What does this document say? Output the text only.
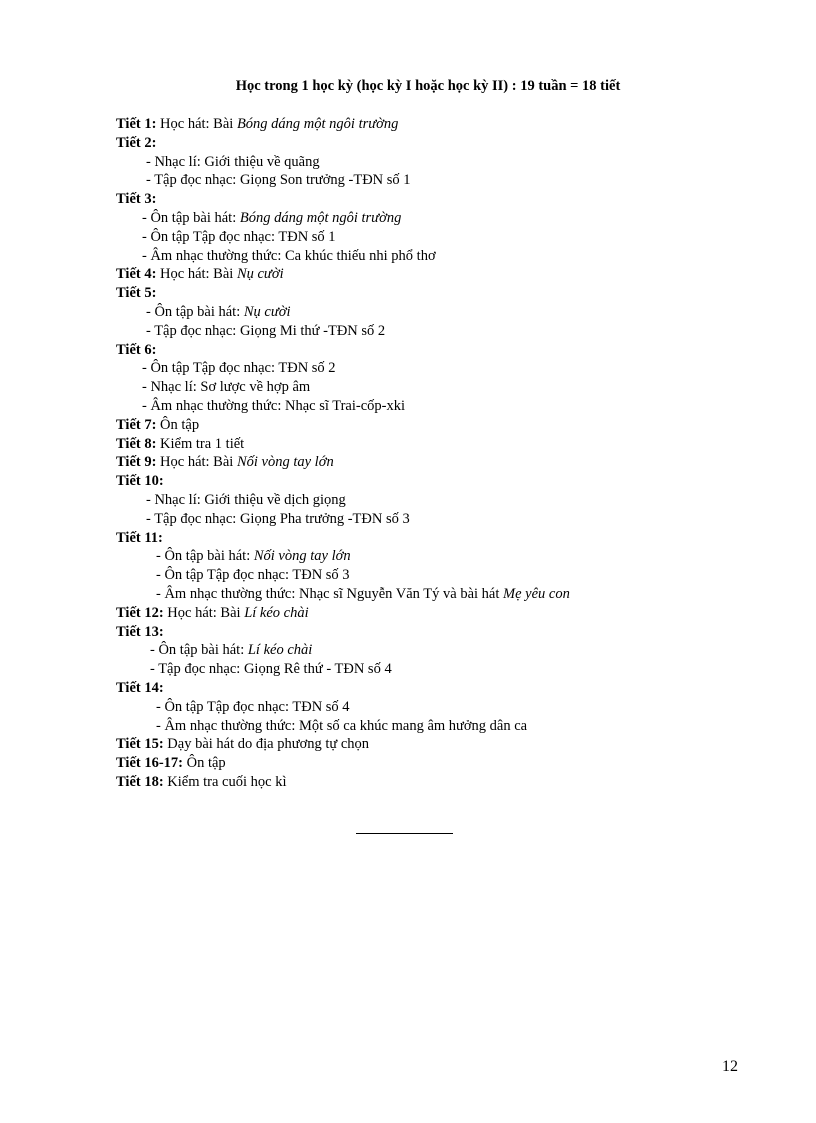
Học trong 1 học kỳ (học kỳ I hoặc học kỳ II) : 19 tuần = 18 tiết
Tiết 1: Học hát: Bài Bóng dáng một ngôi trường
Tiết 2:
- Nhạc lí: Giới thiệu về quãng
- Tập đọc nhạc: Giọng Son trưởng -TĐN số 1
Tiết 3:
- Ôn tập bài hát: Bóng dáng một ngôi trường
- Ôn tập Tập đọc nhạc: TĐN số 1
- Âm nhạc thường thức: Ca khúc thiếu nhi phổ thơ
Tiết 4: Học hát: Bài Nụ cười
Tiết 5:
- Ôn tập bài hát: Nụ cười
- Tập đọc nhạc: Giọng Mi thứ -TĐN số 2
Tiết 6:
- Ôn tập Tập đọc nhạc: TĐN số 2
- Nhạc lí: Sơ lược về hợp âm
- Âm nhạc thường thức: Nhạc sĩ Trai-cốp-xki
Tiết 7: Ôn tập
Tiết 8: Kiểm tra 1 tiết
Tiết 9: Học hát: Bài Nối vòng tay lớn
Tiết 10:
- Nhạc lí: Giới thiệu về dịch giọng
- Tập đọc nhạc: Giọng Pha trưởng -TĐN số 3
Tiết 11:
- Ôn tập bài hát: Nối vòng tay lớn
- Ôn tập Tập đọc nhạc: TĐN số 3
- Âm nhạc thường thức: Nhạc sĩ Nguyễn Văn Tý và bài hát Mẹ yêu con
Tiết 12: Học hát: Bài Lí kéo chài
Tiết 13:
- Ôn tập bài hát: Lí kéo chài
- Tập đọc nhạc: Giọng Rê thứ - TĐN số 4
Tiết 14:
- Ôn tập Tập đọc nhạc: TĐN số 4
- Âm nhạc thường thức: Một số ca khúc mang âm hưởng dân ca
Tiết 15: Dạy bài hát do địa phương tự chọn
Tiết 16-17: Ôn tập
Tiết 18: Kiểm tra cuối học kì
12
